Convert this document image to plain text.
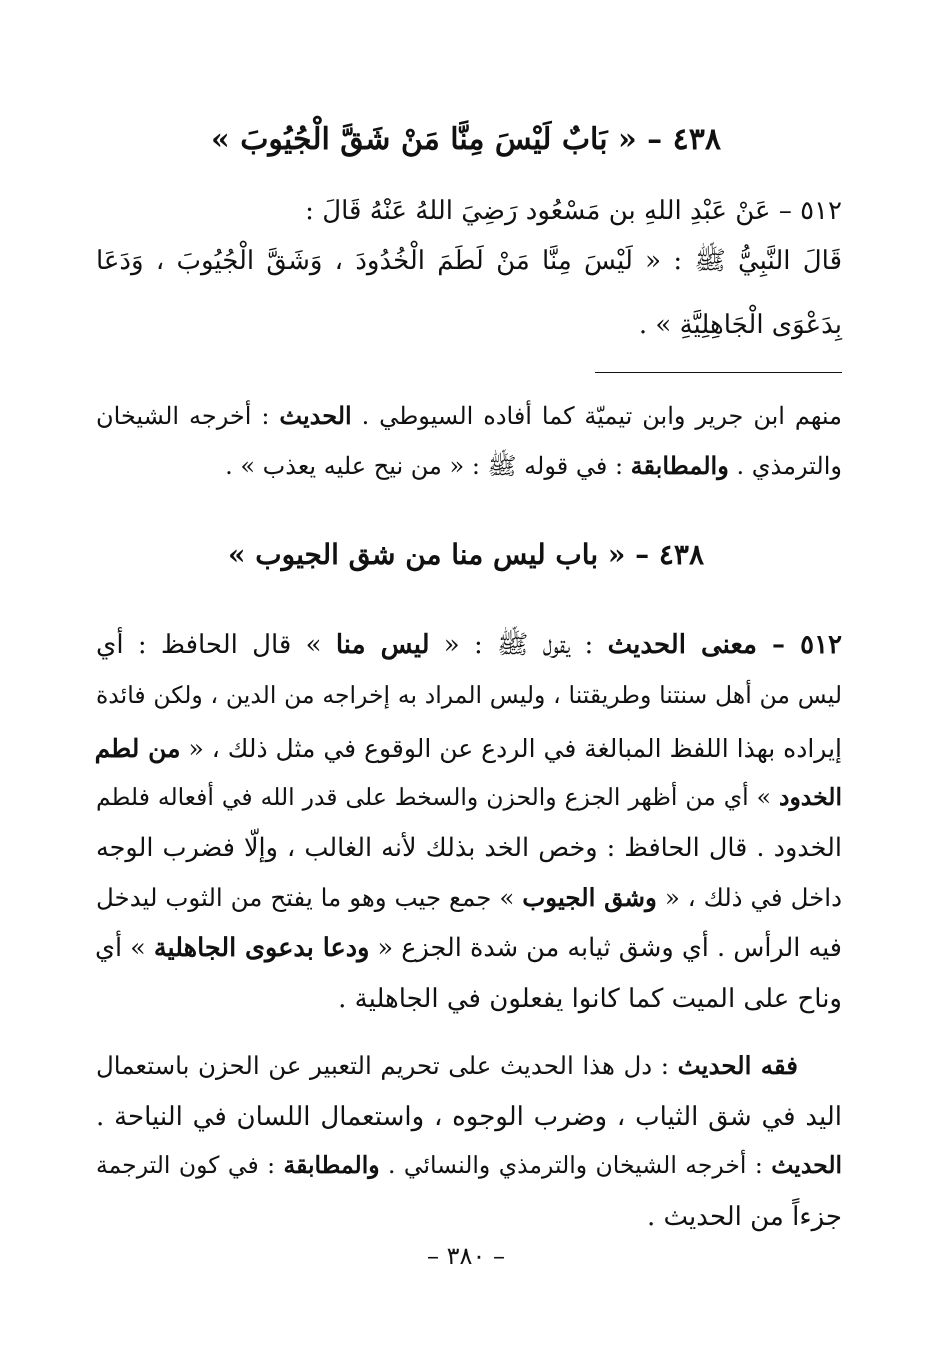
٤٣٨ – « بَابٌ لَيْسَ مِنَّا مَنْ شَقَّ الْجُيُوبَ »
٥١٢ – عَنْ عَبْدِ اللهِ بن مَسْعُود رَضِيَ اللهُ عَنْهُ قَالَ :
قَالَ النَّبِيُّ ﷺ : « لَيْسَ مِنَّا مَنْ لَطَمَ الْخُدُودَ ، وَشَقَّ الْجُيُوبَ ، وَدَعَا
بِدَعْوَى الْجَاهِلِيَّةِ » .
منهم ابن جرير وابن تيميّة كما أفاده السيوطي . الحديث : أخرجه الشيخان
والترمذي . والمطابقة : في قوله ﷺ : « من نيح عليه يعذب » .
٤٣٨ – « باب ليس منا من شق الجيوب »
٥١٢ – معنى الحديث : يقول ﷺ : « ليس منا » قال الحافظ : أي
ليس من أهل سنتنا وطريقتنا ، وليس المراد به إخراجه من الدين ، ولكن فائدة
إيراده بهذا اللفظ المبالغة في الردع عن الوقوع في مثل ذلك ، « من لطم
الخدود » أي من أظهر الجزع والحزن والسخط على قدر الله في أفعاله فلطم
الخدود . قال الحافظ : وخص الخد بذلك لأنه الغالب ، وإلّا فضرب الوجه
داخل في ذلك ، « وشق الجيوب » جمع جيب وهو ما يفتح من الثوب ليدخل
فيه الرأس . أي وشق ثيابه من شدة الجزع « ودعا بدعوى الجاهلية » أي
وناح على الميت كما كانوا يفعلون في الجاهلية .
فقه الحديث : دل هذا الحديث على تحريم التعبير عن الحزن باستعمال
اليد في شق الثياب ، وضرب الوجوه ، واستعمال اللسان في النياحة .
الحديث : أخرجه الشيخان والترمذي والنسائي . والمطابقة : في كون الترجمة
جزءاً من الحديث .
– ٣٨٠ –
